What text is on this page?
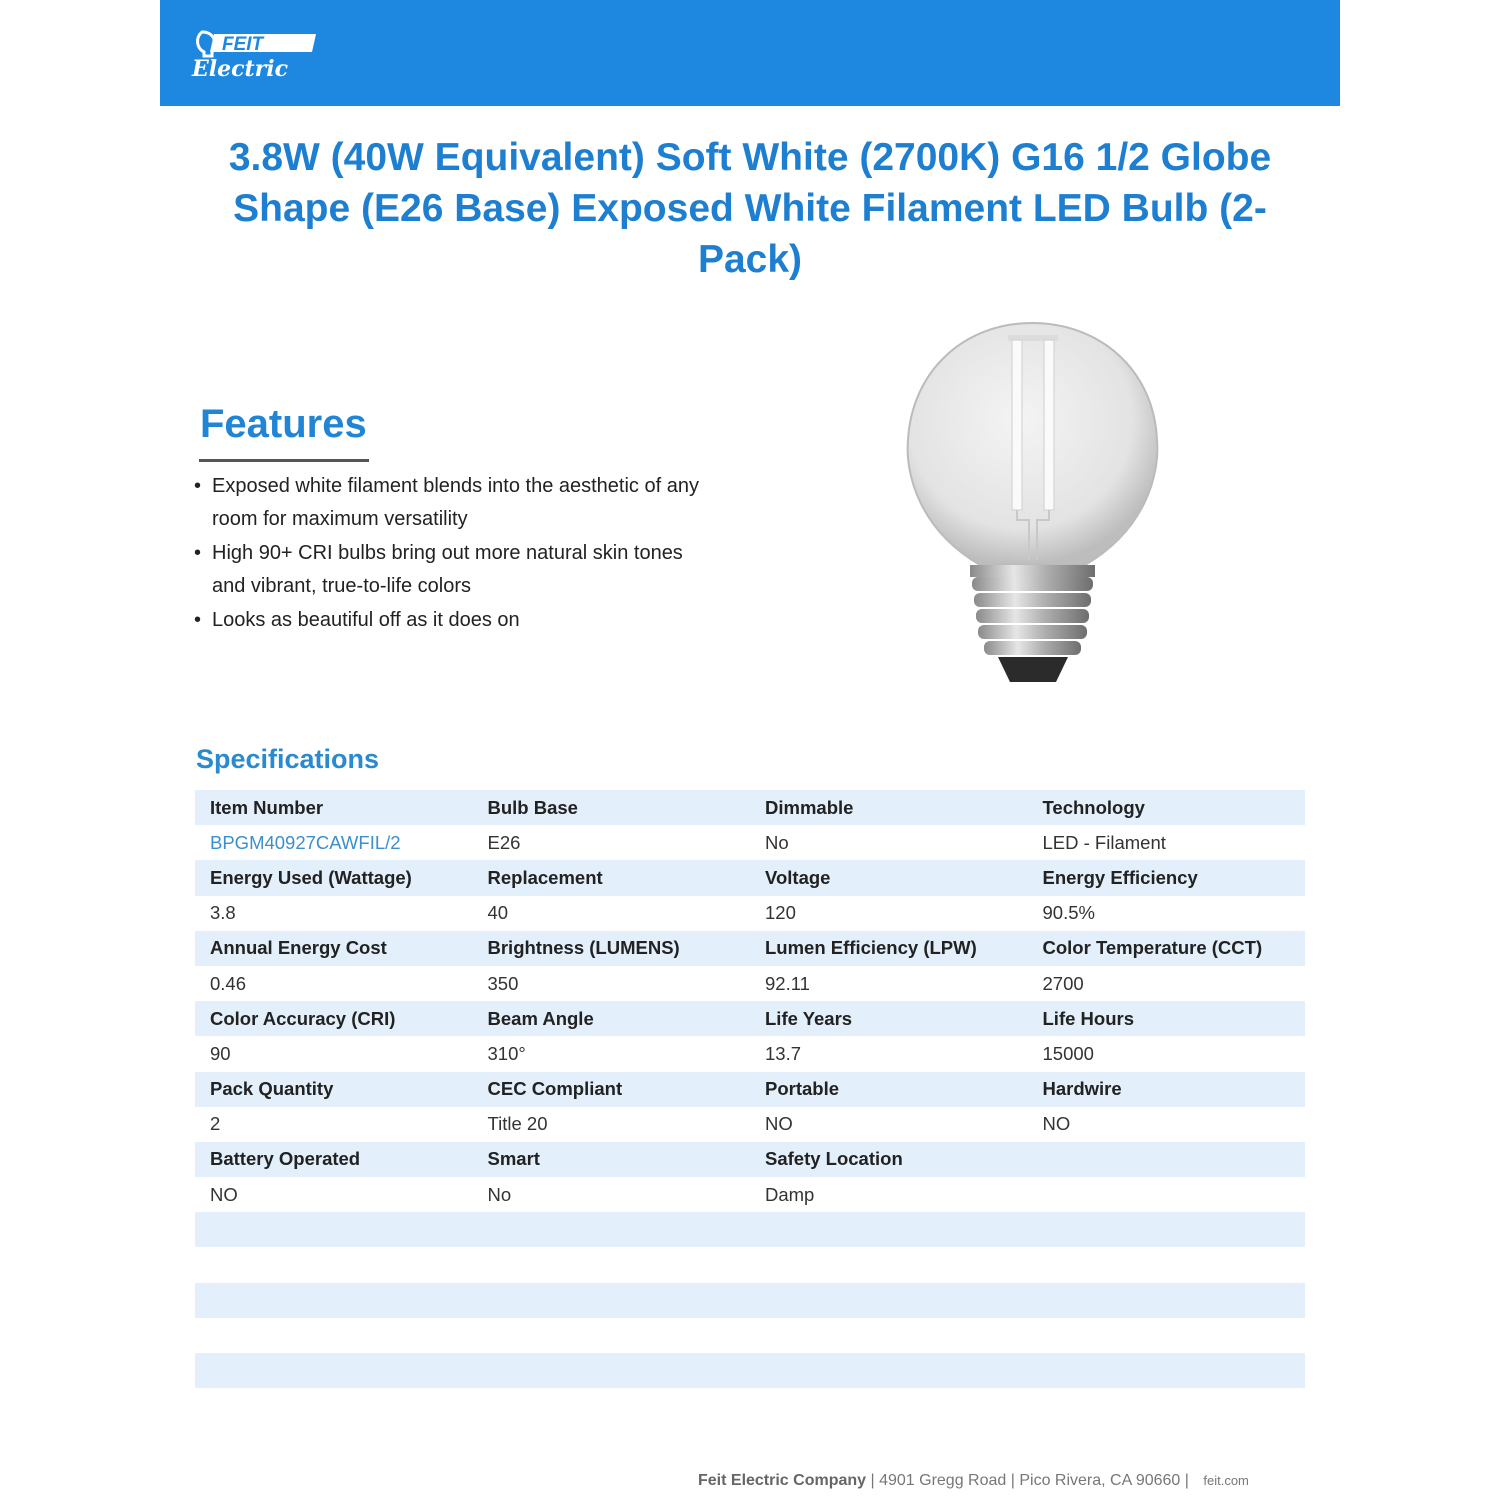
FEIT
Electric
3.8W (40W Equivalent) Soft White (2700K) G16 1/2 Globe Shape (E26 Base) Exposed White Filament LED Bulb (2-Pack)
Features
• Exposed white filament blends into the aesthetic of any room for maximum versatility
• High 90+ CRI bulbs bring out more natural skin tones and vibrant, true-to-life colors
• Looks as beautiful off as it does on
Specifications
Item Number	Bulb Base	Dimmable	Technology
BPGM40927CAWFIL/2	E26	No	LED - Filament
Energy Used (Wattage)	Replacement	Voltage	Energy Efficiency
3.8	40	120	90.5%
Annual Energy Cost	Brightness (LUMENS)	Lumen Efficiency (LPW)	Color Temperature (CCT)
0.46	350	92.11	2700
Color Accuracy (CRI)	Beam Angle	Life Years	Life Hours
90	310°	13.7	15000
Pack Quantity	CEC Compliant	Portable	Hardwire
2	Title 20	NO	NO
Battery Operated	Smart	Safety Location
NO	No	Damp
Feit Electric Company | 4901 Gregg Road | Pico Rivera, CA 90660 | feit.com
